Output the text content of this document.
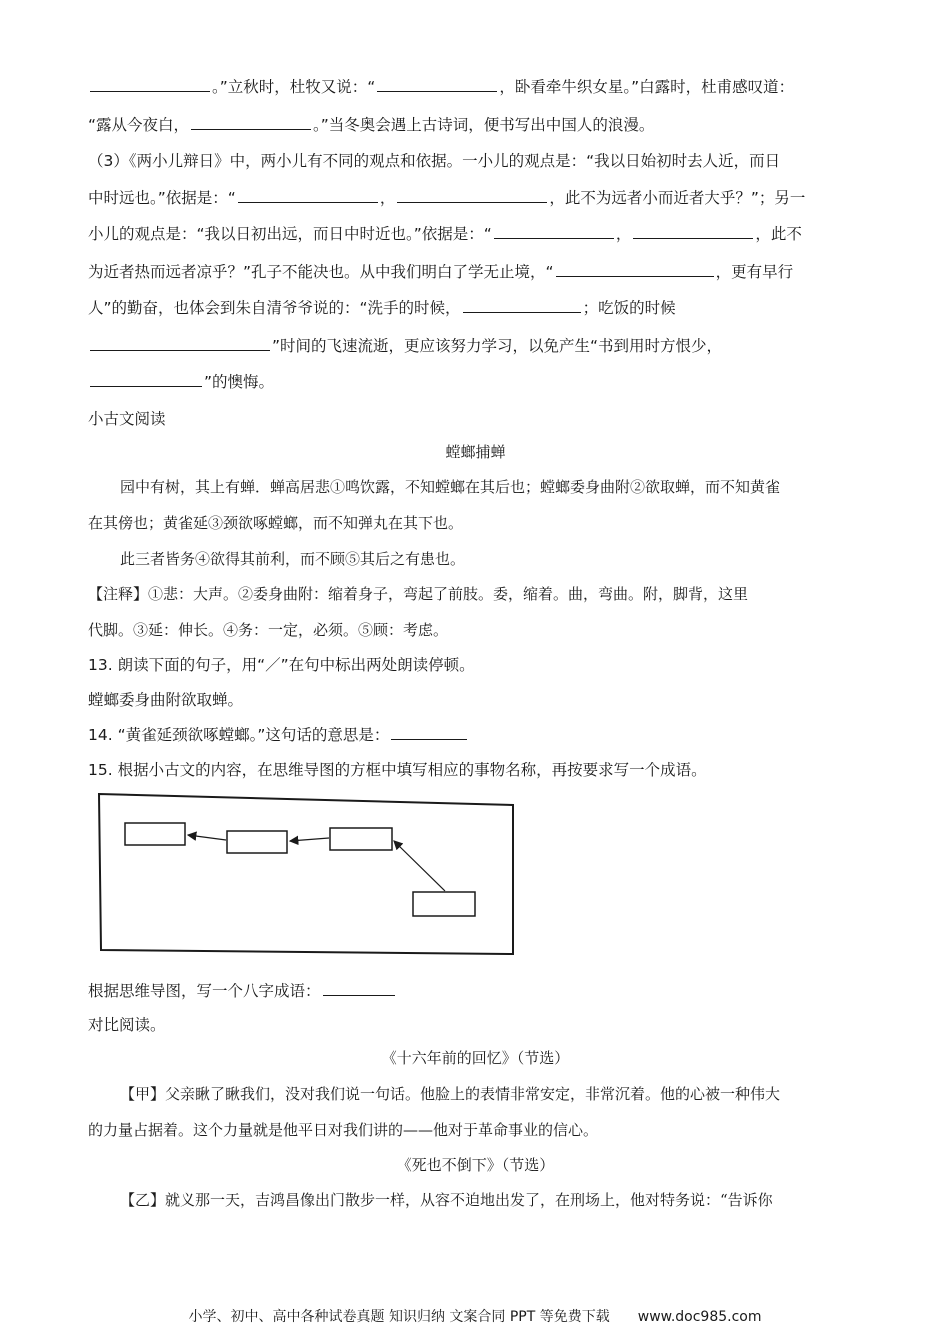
。”立秋时，杜牧又说：“	，卧看牵牛织女星。”白露时，杜甫感叹道：
“露从今夜白，	。”当冬奥会遇上古诗词，便书写出中国人的浪漫。
（3）《两小儿辩日》中，两小儿有不同的观点和依据。一小儿的观点是：“我以日始初时去人近，而日
中时远也。”依据是：“	，	，此不为远者小而近者大乎？”；另一
小儿的观点是：“我以日初出远，而日中时近也。”依据是：“	，	，此不
为近者热而远者凉乎？”孔子不能决也。从中我们明白了学无止境，“	，更有早行
人”的勤奋，也体会到朱自清爷爷说的：“洗手的时候，	；吃饭的时候
”时间的飞速流逝，更应该努力学习，以免产生“书到用时方恨少，
”的懊悔。
小古文阅读
螳螂捕蝉
园中有树，其上有蝉．蝉高居悲①鸣饮露，不知螳螂在其后也；螳螂委身曲附②欲取蝉，而不知黄雀
在其傍也；黄雀延③颈欲啄螳螂，而不知弹丸在其下也。
此三者皆务④欲得其前利，而不顾⑤其后之有患也。
【注释】①悲：大声。②委身曲附：缩着身子，弯起了前肢。委，缩着。曲，弯曲。附，脚背，这里
代脚。③延：伸长。④务：一定，必须。⑤顾：考虑。
13. 朗读下面的句子，用“／”在句中标出两处朗读停顿。
螳螂委身曲附欲取蝉。
14. “黄雀延颈欲啄螳螂。”这句话的意思是：
15. 根据小古文的内容，在思维导图的方框中填写相应的事物名称，再按要求写一个成语。
根据思维导图，写一个八字成语：
对比阅读。
《十六年前的回忆》（节选）
【甲】父亲瞅了瞅我们，没对我们说一句话。他脸上的表情非常安定，非常沉着。他的心被一种伟大
的力量占据着。这个力量就是他平日对我们讲的——他对于革命事业的信心。
《死也不倒下》（节选）
【乙】就义那一天，吉鸿昌像出门散步一样，从容不迫地出发了，在刑场上，他对特务说：“告诉你
小学、初中、高中各种试卷真题 知识归纳 文案合同 PPT 等免费下载 www.doc985.com
